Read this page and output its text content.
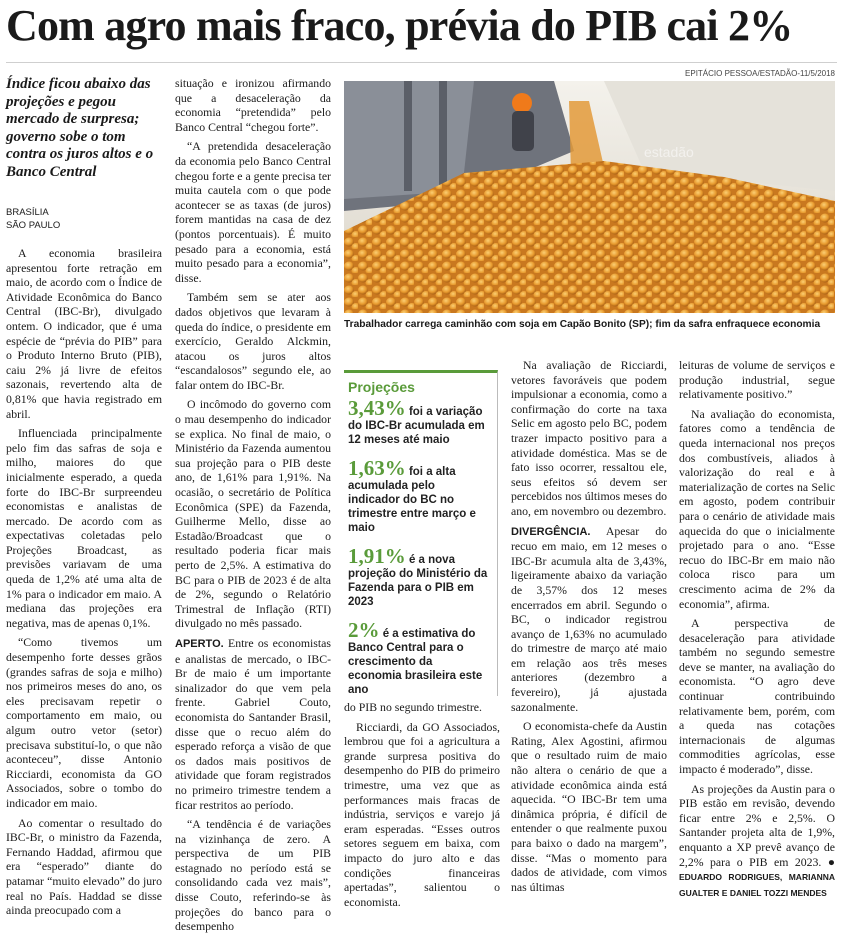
Com agro mais fraco, prévia do PIB cai 2%
Índice ficou abaixo das projeções e pegou mercado de surpresa; governo sobe o tom contra os juros altos e o Banco Central
BRASÍLIA
SÃO PAULO

A economia brasileira apresentou forte retração em maio, de acordo com o Índice de Atividade Econômica do Banco Central (IBC-Br), divulgado ontem. O indicador, que é uma espécie de “prévia do PIB” para o Produto Interno Bruto (PIB), caiu 2% já livre de efeitos sazonais, revertendo alta de 0,81% que havia registrado em abril.

Influenciada principalmente pelo fim das safras de soja e milho, maiores do que inicialmente esperado, a queda forte do IBC-Br surpreendeu economistas e analistas de mercado. De acordo com as expectativas coletadas pelo Projeções Broadcast, as previsões variavam de uma queda de 1,2% até uma alta de 1% para o indicador em maio. A mediana das projeções era negativa, mas de apenas 0,1%.

“Como tivemos um desempenho forte desses grãos (grandes safras de soja e milho) nos primeiros meses do ano, os eles precisavam repetir o comportamento em maio, ou algum outro vetor (setor) precisava substituí-lo, o que não aconteceu”, disse Antonio Ricciardi, economista da GO Associados, sobre o tombo do indicador em maio.

Ao comentar o resultado do IBC-Br, o ministro da Fazenda, Fernando Haddad, afirmou que era “esperado” diante do patamar “muito elevado” do juro real no País. Haddad se disse ainda preocupado com a

situação e ironizou afirmando que a desaceleração da economia “pretendida” pelo Banco Central “chegou forte”.

“A pretendida desaceleração da economia pelo Banco Central chegou forte e a gente precisa ter muita cautela com o que pode acontecer se as taxas (de juros) forem mantidas na casa de dez (pontos porcentuais). É muito pesado para a economia, está muito pesado para a economia”, disse.

Também sem se ater aos dados objetivos que levaram à queda do índice, o presidente em exercício, Geraldo Alckmin, atacou os juros altos “escandalosos” segundo ele, ao falar ontem do IBC-Br.

O incômodo do governo com o mau desempenho do indicador se explica. No final de maio, o Ministério da Fazenda aumentou sua projeção para o PIB deste ano, de 1,61% para 1,91%. Na ocasião, o secretário de Política Econômica (SPE) da Fazenda, Guilherme Mello, disse ao Estadão/Broadcast que o resultado poderia ficar mais perto de 2,5%. A estimativa do BC para o PIB de 2023 é de alta de 2%, segundo o Relatório Trimestral de Inflação (RTI) divulgado no mês passado.

APERTO. Entre os economistas e analistas de mercado, o IBC-Br de maio é um importante sinalizador do que vem pela frente. Gabriel Couto, economista do Santander Brasil, disse que o recuo além do esperado reforça a visão de que os dados mais positivos de atividade que foram registrados no primeiro trimestre tendem a ficar restritos ao período.

“A tendência é de variações na vizinhança de zero. A perspectiva de um PIB estagnado no período está se consolidando cada vez mais”, disse Couto, referindo-se às projeções do banco para o desempenho

EPITÁCIO PESSOA/ESTADÃO-11/5/2018
estadão
Trabalhador carrega caminhão com soja em Capão Bonito (SP); fim da safra enfraquece economia
Projeções
3,43% foi a variação do IBC-Br acumulada em 12 meses até maio
1,63% foi a alta acumulada pelo indicador do BC no trimestre entre março e maio
1,91% é a nova projeção do Ministério da Fazenda para o PIB em 2023
2% é a estimativa do Banco Central para o crescimento da economia brasileira este ano

do PIB no segundo trimestre.

Ricciardi, da GO Associados, lembrou que foi a agricultura a grande surpresa positiva do desempenho do PIB do primeiro trimestre, uma vez que as performances mais fracas de indústria, serviços e varejo já eram esperadas. “Esses outros setores seguem em baixa, com impacto do juro alto e das condições financeiras apertadas”, salientou o economista.

Na avaliação de Ricciardi, vetores favoráveis que podem impulsionar a economia, como a confirmação do corte na taxa Selic em agosto pelo BC, podem trazer impacto positivo para a atividade doméstica. Mas se de fato isso ocorrer, ressaltou ele, seus efeitos só devem ser percebidos nos últimos meses do ano, em novembro ou dezembro.

DIVERGÊNCIA. Apesar do recuo em maio, em 12 meses o IBC-Br acumula alta de 3,43%, ligeiramente abaixo da variação de 3,57% dos 12 meses encerrados em abril. Segundo o BC, o indicador registrou avanço de 1,63% no acumulado do trimestre de março até maio em relação aos três meses anteriores (dezembro a fevereiro), já ajustada sazonalmente.

O economista-chefe da Austin Rating, Alex Agostini, afirmou que o resultado ruim de maio não altera o cenário de que a atividade econômica ainda está aquecida. “O IBC-Br tem uma dinâmica própria, é difícil de entender o que realmente puxou para baixo o dado na margem”, disse. “Mas o momento para dados de atividade, com vimos nas últimas

leituras de volume de serviços e produção industrial, segue relativamente positivo.”

Na avaliação do economista, fatores como a tendência de queda internacional nos preços dos combustíveis, aliados à valorização do real e à materialização de cortes na Selic em agosto, podem contribuir para o cenário de atividade mais aquecida do que o inicialmente projetado para o ano. “Esse recuo do IBC-Br em maio não coloca risco para um crescimento acima de 2% da economia”, afirma.

A perspectiva de desaceleração para atividade também no segundo semestre deve se manter, na avaliação do economista. “O agro deve continuar contribuindo relativamente bem, porém, com a queda nas cotações internacionais de algumas commodities agrícolas, esse impacto é moderado”, disse.

As projeções da Austin para o PIB estão em revisão, devendo ficar entre 2% e 2,5%. O Santander projeta alta de 1,9%, enquanto a XP prevê avanço de 2,2% para o PIB em 2023. ● EDUARDO RODRIGUES, MARIANNA GUALTER E DANIEL TOZZI MENDES
